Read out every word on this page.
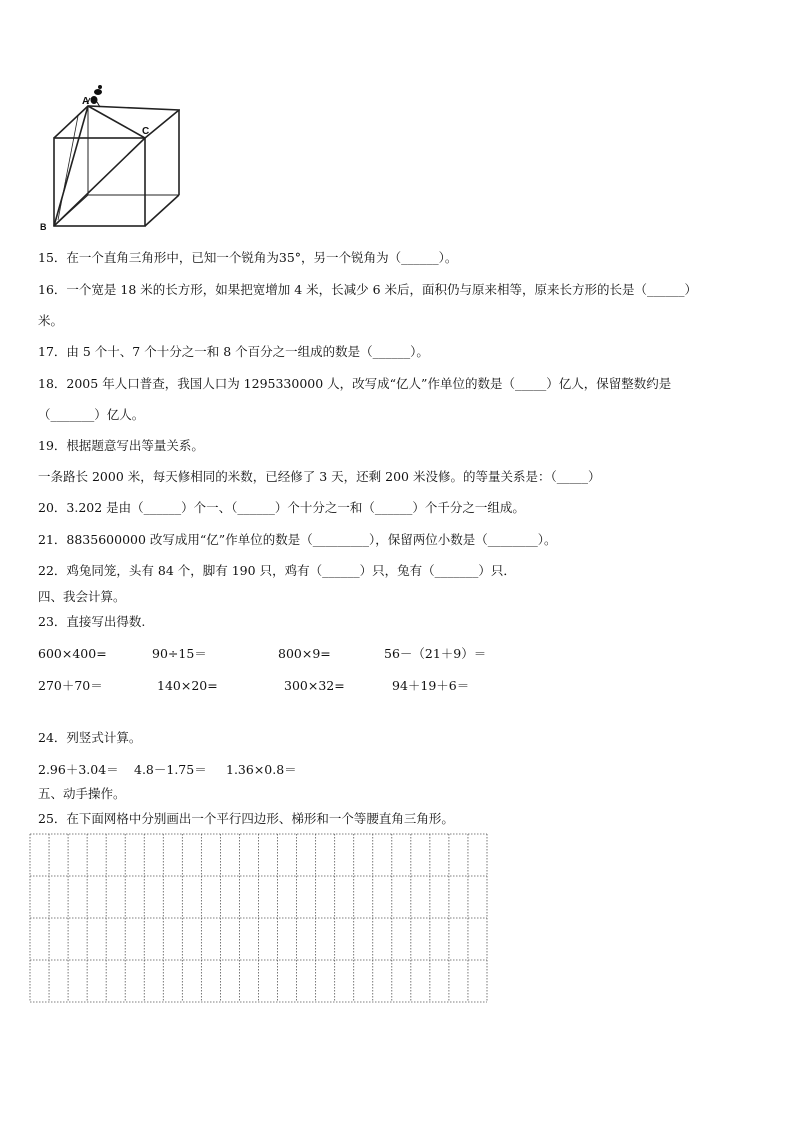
A
C
B
15．在一个直角三角形中，已知一个锐角为35°，另一个锐角为（______）。
16．一个宽是 18 米的长方形，如果把宽增加 4 米，长减少 6 米后，面积仍与原来相等，原来长方形的长是（______）
米。
17．由 5 个十、7 个十分之一和 8 个百分之一组成的数是（______）。
18．2005 年人口普查，我国人口为 1295330000 人，改写成“亿人”作单位的数是（_____）亿人，保留整数约是
（_______）亿人。
19．根据题意写出等量关系。
一条路长 2000 米，每天修相同的米数，已经修了 3 天，还剩 200 米没修。的等量关系是：（_____）
20．3.202 是由（______）个一、（______）个十分之一和（______）个千分之一组成。
21．8835600000 改写成用“亿”作单位的数是（_________），保留两位小数是（________）。
22．鸡兔同笼，头有 84 个，脚有 190 只，鸡有（______）只，兔有（_______）只．
四、我会计算。
23．直接写出得数.
600×400=	90÷15＝	800×9=	56－（21＋9）＝
270＋70＝	140×20=	300×32=	94＋19＋6＝
24．列竖式计算。
2.96＋3.04＝ 4.8－1.75＝ 1.36×0.8＝
五、动手操作。
25．在下面网格中分别画出一个平行四边形、梯形和一个等腰直角三角形。
